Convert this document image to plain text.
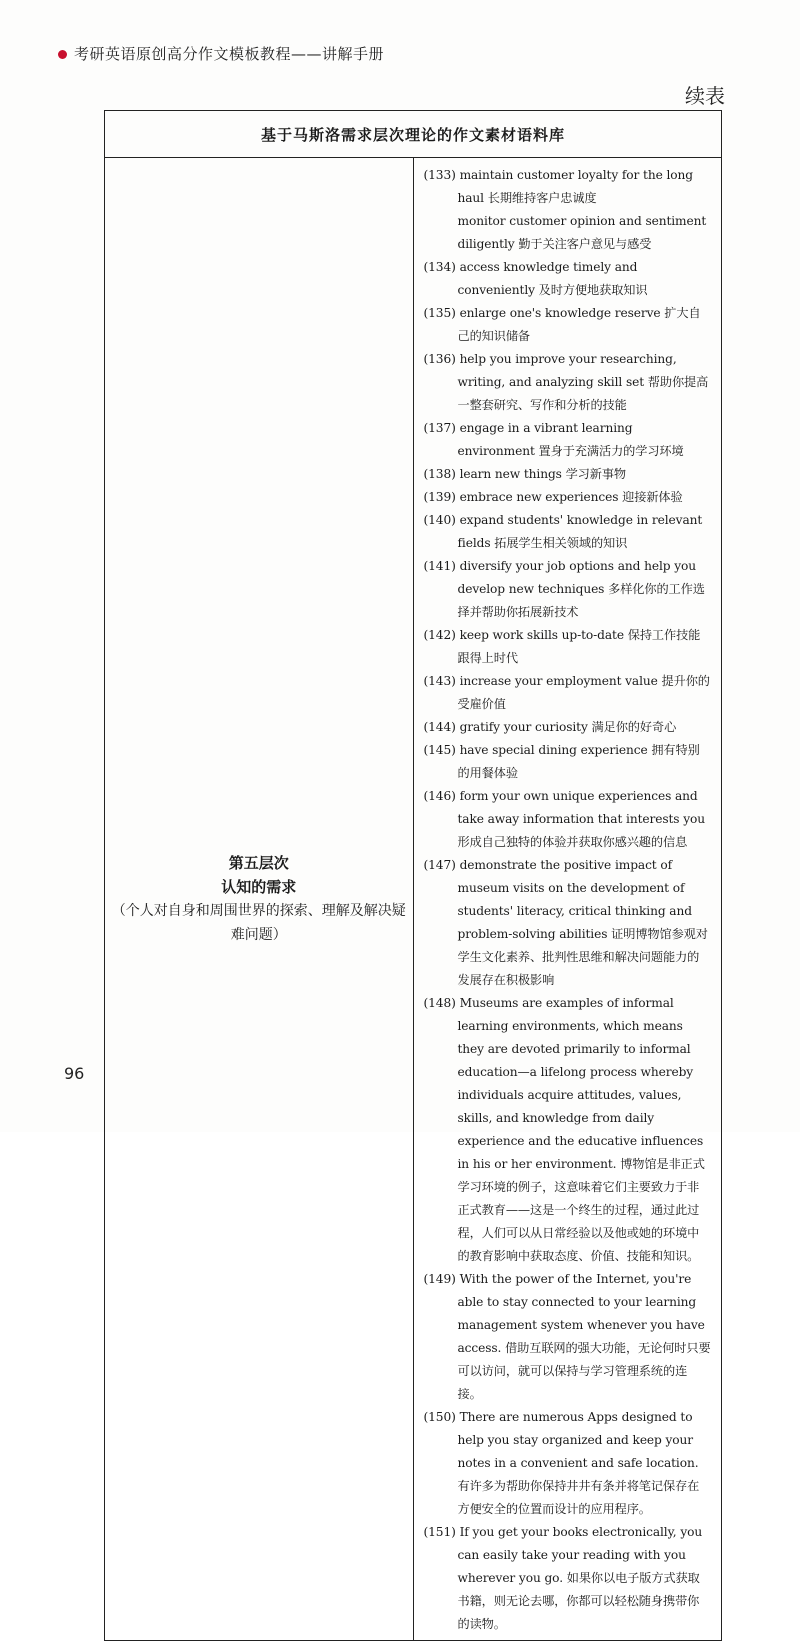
考研英语原创高分作文模板教程——讲解手册
续表
基于马斯洛需求层次理论的作文素材语料库

第五层次
认知的需求
（个人对自身和周围世界的探索、理解及解决疑难问题）

(133) maintain customer loyalty for the long haul 长期维持客户忠诚度
monitor customer opinion and sentiment diligently 勤于关注客户意见与感受
(134) access knowledge timely and conveniently 及时方便地获取知识
(135) enlarge one's knowledge reserve 扩大自己的知识储备
(136) help you improve your researching, writing, and analyzing skill set 帮助你提高一整套研究、写作和分析的技能
(137) engage in a vibrant learning environment 置身于充满活力的学习环境
(138) learn new things 学习新事物
(139) embrace new experiences 迎接新体验
(140) expand students' knowledge in relevant fields 拓展学生相关领域的知识
(141) diversify your job options and help you develop new techniques 多样化你的工作选择并帮助你拓展新技术
(142) keep work skills up-to-date 保持工作技能跟得上时代
(143) increase your employment value 提升你的受雇价值
(144) gratify your curiosity 满足你的好奇心
(145) have special dining experience 拥有特别的用餐体验
(146) form your own unique experiences and take away information that interests you 形成自己独特的体验并获取你感兴趣的信息
(147) demonstrate the positive impact of museum visits on the development of students' literacy, critical thinking and problem-solving abilities 证明博物馆参观对学生文化素养、批判性思维和解决问题能力的发展存在积极影响
(148) Museums are examples of informal learning environments, which means they are devoted primarily to informal education—a lifelong process whereby individuals acquire attitudes, values, skills, and knowledge from daily experience and the educative influences in his or her environment. 博物馆是非正式学习环境的例子，这意味着它们主要致力于非正式教育——这是一个终生的过程，通过此过程，人们可以从日常经验以及他或她的环境中的教育影响中获取态度、价值、技能和知识。
(149) With the power of the Internet, you're able to stay connected to your learning management system whenever you have access. 借助互联网的强大功能，无论何时只要可以访问，就可以保持与学习管理系统的连接。
(150) There are numerous Apps designed to help you stay organized and keep your notes in a convenient and safe location. 有许多为帮助你保持井井有条并将笔记保存在方便安全的位置而设计的应用程序。
(151) If you get your books electronically, you can easily take your reading with you wherever you go. 如果你以电子版方式获取书籍，则无论去哪，你都可以轻松随身携带你的读物。
96
